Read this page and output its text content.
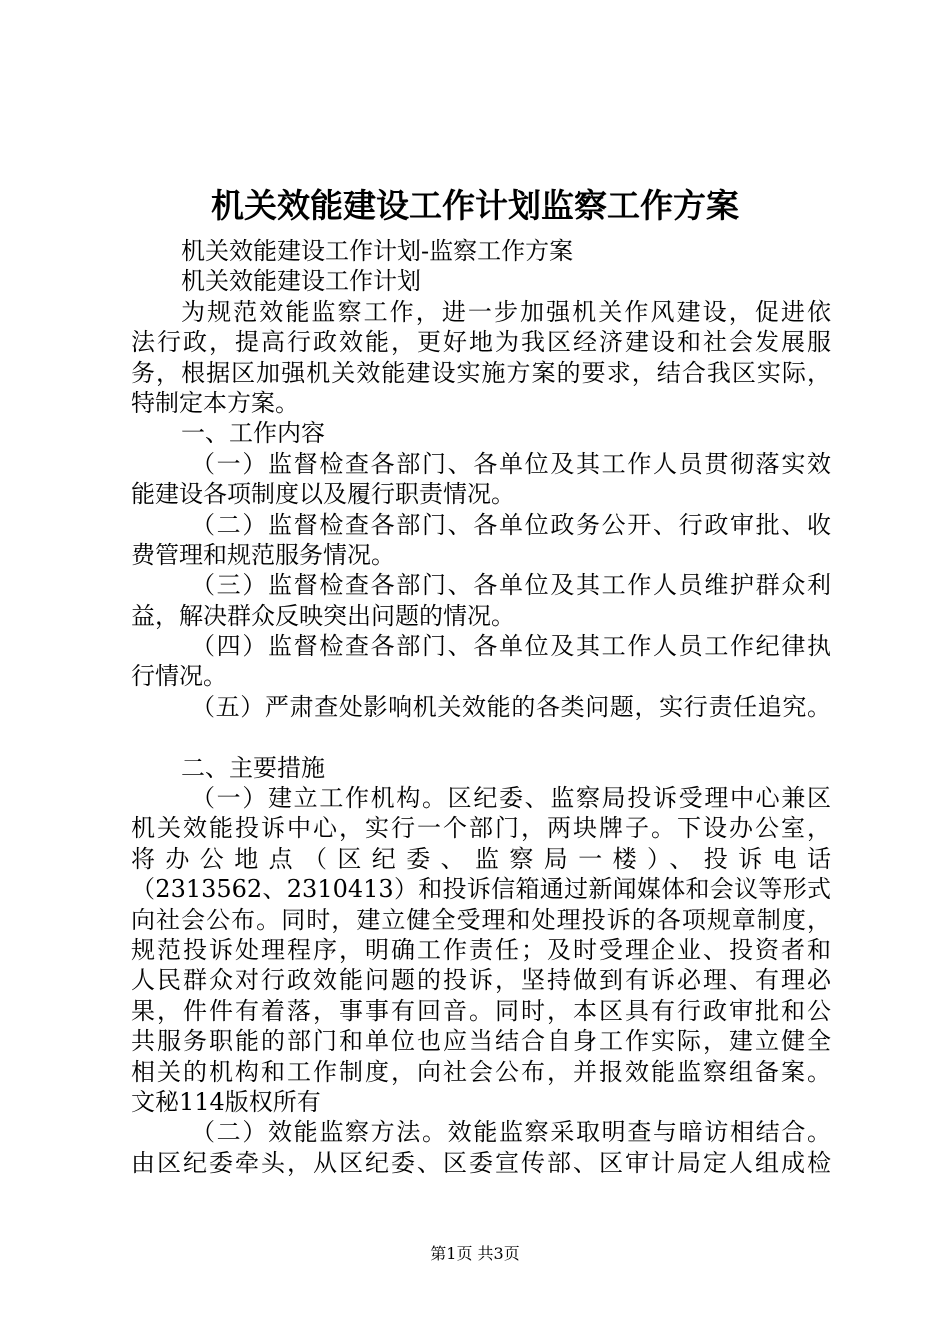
机关效能建设工作计划监察工作方案
机关效能建设工作计划-监察工作方案
机关效能建设工作计划
为规范效能监察工作，进一步加强机关作风建设，促进依
法行政，提高行政效能，更好地为我区经济建设和社会发展服
务，根据区加强机关效能建设实施方案的要求，结合我区实际，
特制定本方案。
一、工作内容
（一）监督检查各部门、各单位及其工作人员贯彻落实效
能建设各项制度以及履行职责情况。
（二）监督检查各部门、各单位政务公开、行政审批、收
费管理和规范服务情况。
（三）监督检查各部门、各单位及其工作人员维护群众利
益，解决群众反映突出问题的情况。
（四）监督检查各部门、各单位及其工作人员工作纪律执
行情况。
（五）严肃查处影响机关效能的各类问题，实行责任追究。
二、主要措施
（一）建立工作机构。区纪委、监察局投诉受理中心兼区
机关效能投诉中心，实行一个部门，两块牌子。下设办公室，
将办公地点（区纪委、监察局一楼）、投诉电话
（2313562、2310413）和投诉信箱通过新闻媒体和会议等形式
向社会公布。同时，建立健全受理和处理投诉的各项规章制度，
规范投诉处理程序，明确工作责任；及时受理企业、投资者和
人民群众对行政效能问题的投诉，坚持做到有诉必理、有理必
果，件件有着落，事事有回音。同时，本区具有行政审批和公
共服务职能的部门和单位也应当结合自身工作实际，建立健全
相关的机构和工作制度，向社会公布，并报效能监察组备案。
文秘114版权所有
（二）效能监察方法。效能监察采取明查与暗访相结合。
由区纪委牵头，从区纪委、区委宣传部、区审计局定人组成检
第1页 共3页
